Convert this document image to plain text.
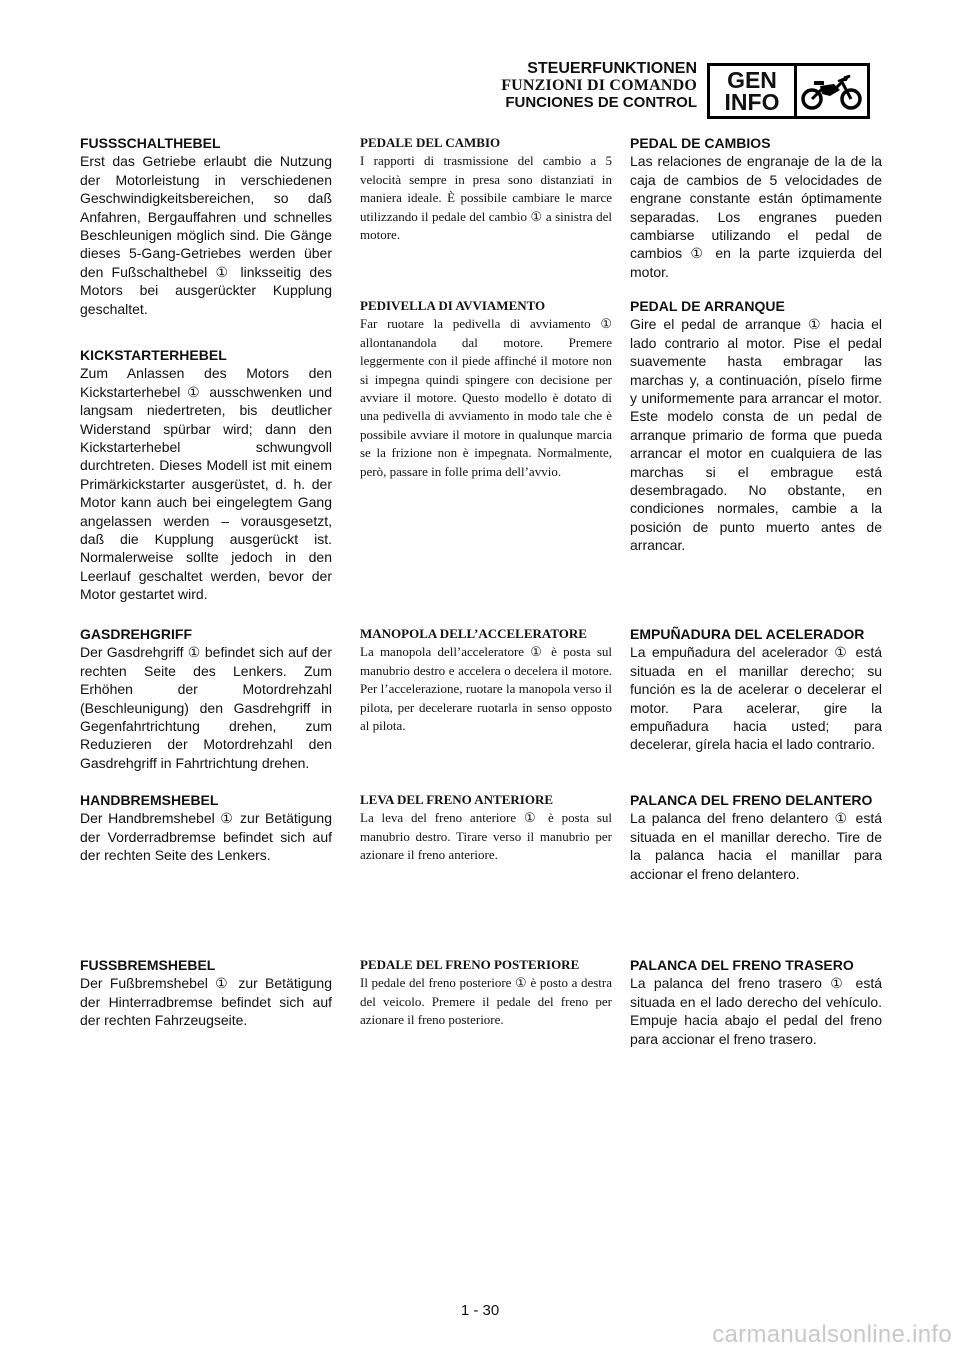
STEUERFUNKTIONEN
FUNZIONI DI COMANDO
FUNCIONES DE CONTROL
GEN
INFO
FUSSSCHALTHEBEL
Erst das Getriebe erlaubt die Nutzung der Motorleistung in verschiedenen Geschwindigkeitsbereichen, so daß Anfahren, Bergauffahren und schnelles Beschleunigen möglich sind. Die Gänge dieses 5-Gang-Getriebes werden über den Fußschalthebel ① linksseitig des Motors bei ausgerückter Kupplung geschaltet.
PEDALE DEL CAMBIO
I rapporti di trasmissione del cambio a 5 velocità sempre in presa sono distanziati in maniera ideale. È possibile cambiare le marce utilizzando il pedale del cambio ① a sinistra del motore.
PEDAL DE CAMBIOS
Las relaciones de engranaje de la de la caja de cambios de 5 velocidades de engrane constante están óptimamente separadas. Los engranes pueden cambiarse utilizando el pedal de cambios ① en la parte izquierda del motor.
KICKSTARTERHEBEL
Zum Anlassen des Motors den Kickstarterhebel ① ausschwenken und langsam niedertreten, bis deutlicher Widerstand spürbar wird; dann den Kickstarterhebel schwungvoll durchtreten. Dieses Modell ist mit einem Primärkickstarter ausgerüstet, d. h. der Motor kann auch bei eingelegtem Gang angelassen werden – vorausgesetzt, daß die Kupplung ausgerückt ist. Normalerweise sollte jedoch in den Leerlauf geschaltet werden, bevor der Motor gestartet wird.
PEDIVELLA DI AVVIAMENTO
Far ruotare la pedivella di avviamento ① allontanandola dal motore. Premere leggermente con il piede affinché il motore non si impegna quindi spingere con decisione per avviare il motore. Questo modello è dotato di una pedivella di avviamento in modo tale che è possibile avviare il motore in qualunque marcia se la frizione non è impegnata. Normalmente, però, passare in folle prima dell’avvio.
PEDAL DE ARRANQUE
Gire el pedal de arranque ① hacia el lado contrario al motor. Pise el pedal suavemente hasta embragar las marchas y, a continuación, píselo firme y uniformemente para arrancar el motor. Este modelo consta de un pedal de arranque primario de forma que pueda arrancar el motor en cualquiera de las marchas si el embrague está desembragado. No obstante, en condiciones normales, cambie a la posición de punto muerto antes de arrancar.
GASDREHGRIFF
Der Gasdrehgriff ① befindet sich auf der rechten Seite des Lenkers. Zum Erhöhen der Motordrehzahl (Beschleunigung) den Gasdrehgriff in Gegenfahrtrichtung drehen, zum Reduzieren der Motordrehzahl den Gasdrehgriff in Fahrtrichtung drehen.
MANOPOLA DELL’ACCELERATORE
La manopola dell’acceleratore ① è posta sul manubrio destro e accelera o decelera il motore. Per l’accelerazione, ruotare la manopola verso il pilota, per decelerare ruotarla in senso opposto al pilota.
EMPUÑADURA DEL ACELERADOR
La empuñadura del acelerador ① está situada en el manillar derecho; su función es la de acelerar o decelerar el motor. Para acelerar, gire la empuñadura hacia usted; para decelerar, gírela hacia el lado contrario.
HANDBREMSHEBEL
Der Handbremshebel ① zur Betätigung der Vorderradbremse befindet sich auf der rechten Seite des Lenkers.
LEVA DEL FRENO ANTERIORE
La leva del freno anteriore ① è posta sul manubrio destro. Tirare verso il manubrio per azionare il freno anteriore.
PALANCA DEL FRENO DELANTERO
La palanca del freno delantero ① está situada en el manillar derecho. Tire de la palanca hacia el manillar para accionar el freno delantero.
FUSSBREMSHEBEL
Der Fußbremshebel ① zur Betätigung der Hinterradbremse befindet sich auf der rechten Fahrzeugseite.
PEDALE DEL FRENO POSTERIORE
Il pedale del freno posteriore ① è posto a destra del veicolo. Premere il pedale del freno per azionare il freno posteriore.
PALANCA DEL FRENO TRASERO
La palanca del freno trasero ① está situada en el lado derecho del vehículo. Empuje hacia abajo el pedal del freno para accionar el freno trasero.
1 - 30
carmanualsonline.info
